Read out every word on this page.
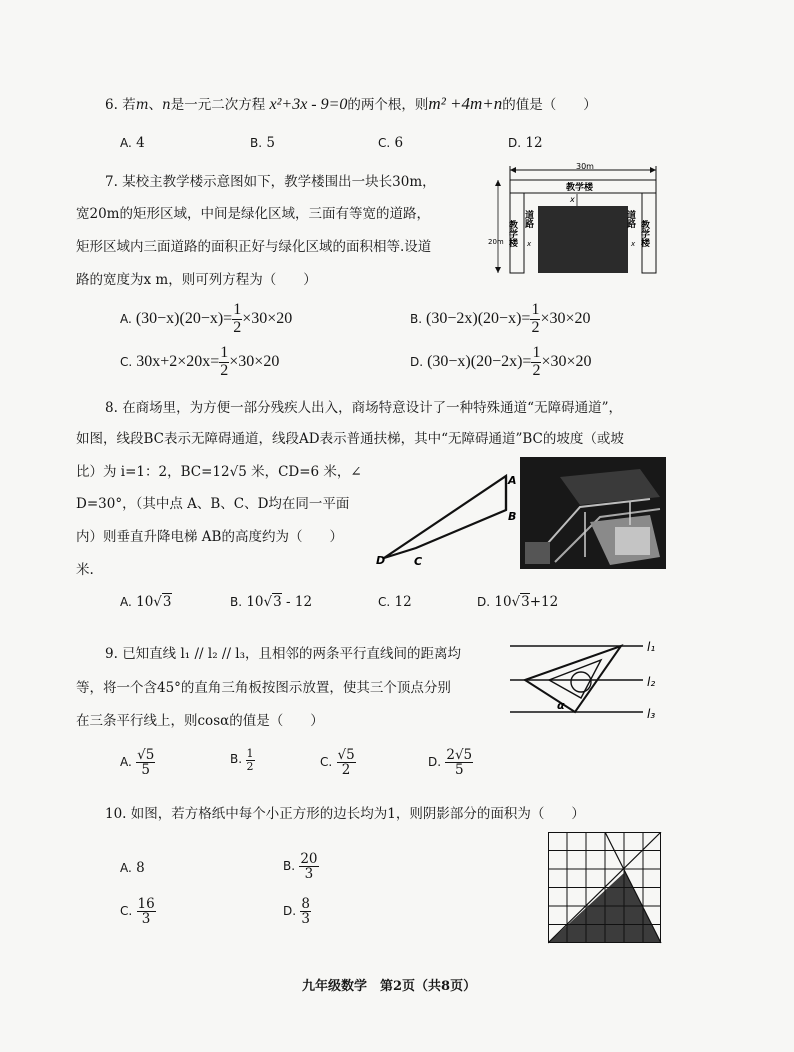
6. 若m、n是一元二次方程 x²+3x - 9=0的两个根，则m² +4m+n的值是（　　）
A. 4	B. 5	C. 6	D. 12
7. 某校主教学楼示意图如下，教学楼围出一块长30m，
宽20m的矩形区域，中间是绿化区域，三面有等宽的道路，
矩形区域内三面道路的面积正好与绿化区域的面积相等.设道
路的宽度为x m，则可列方程为（　　）
30m
教学楼
x
20m 教学楼	教学楼
道路	道路
x	x
A. $(30-x)(20-x)= \frac{1}{2} \times 30\times 20$	B. $(30-2x)(20-x)= \frac{1}{2} \times 30\times 20$
C. $30x+2\times 20x= \frac{1}{2} \times 30\times 20$	D. $(30-x)(20-2x)= \frac{1}{2} \times 30\times 20$
8. 在商场里，为方便一部分残疾人出入，商场特意设计了一种特殊通道“无障碍通道”，
如图，线段BC表示无障碍通道，线段AD表示普通扶梯，其中“无障碍通道”BC的坡度（或坡
比）为 i=1：2，BC=12√5 米，CD=6 米，∠
D=30°，（其中点 A、B、C、D均在同一平面
内）则垂直升降电梯 AB的高度约为（　　）
米.
A
B
C
D
A. 10√3	B. 10√3 - 12	C. 12	D. 10√3+12
9. 已知直线 l₁ // l₂ // l₃，且相邻的两条平行直线间的距离均
等，将一个含45°的直角三角板按图示放置，使其三个顶点分别
在三条平行线上，则cosα的值是（　　）
α
l₁
l₂
l₃
A. $\frac{√5}{5}$	B. $\frac{1}{2}$	C. $\frac{√5}{2}$	D. $\frac{2√5}{5}$
10. 如图，若方格纸中每个小正方形的边长均为1，则阴影部分的面积为（　　）
A. 8	B. $\frac{20}{3}$
C. $\frac{16}{3}$	D. $\frac{8}{3}$
九年级数学　第2页（共8页）
